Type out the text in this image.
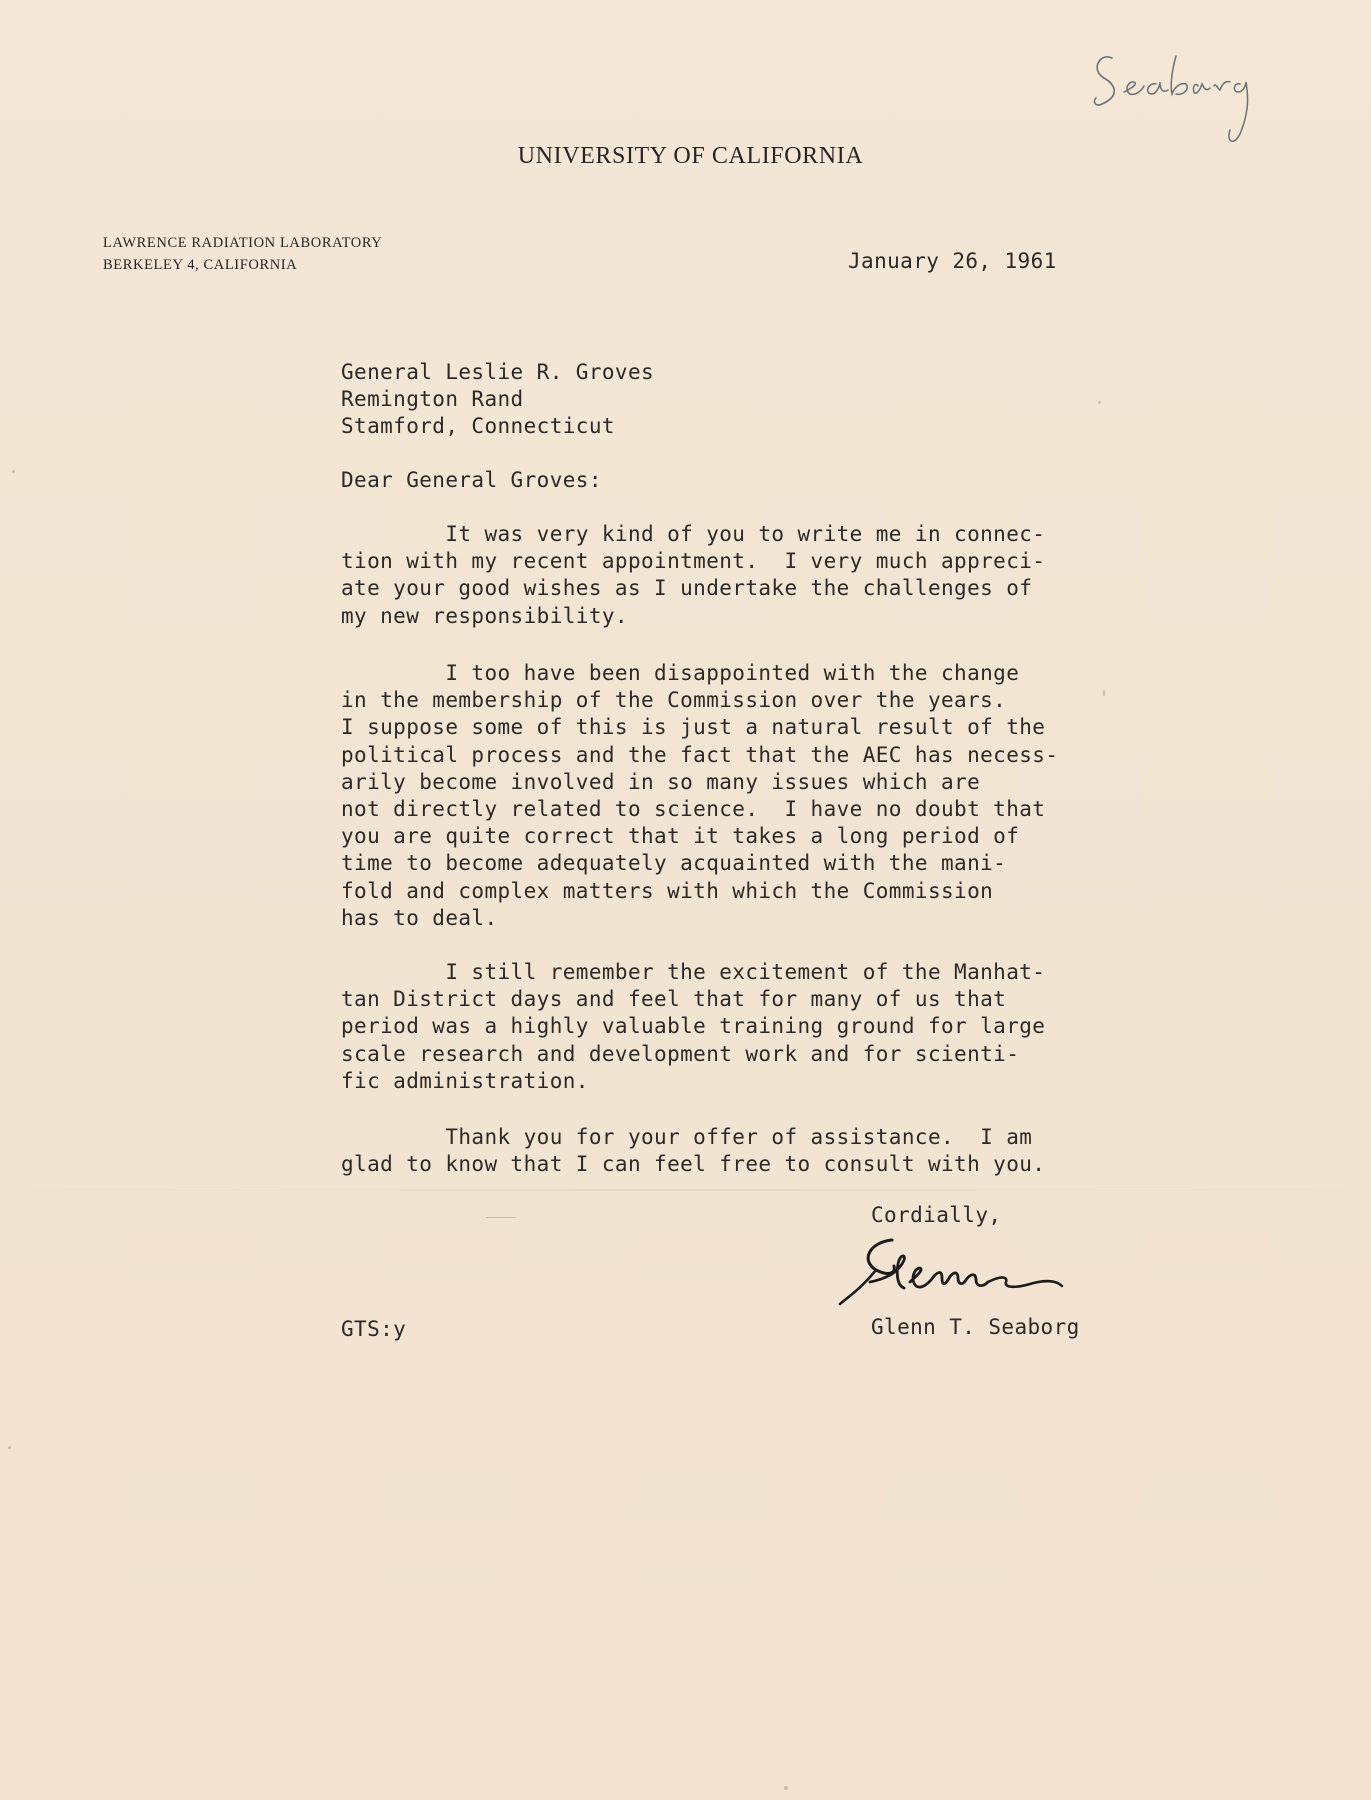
UNIVERSITY OF CALIFORNIA
LAWRENCE RADIATION LABORATORY
BERKELEY 4, CALIFORNIA	January 26, 1961
General Leslie R. Groves
Remington Rand
Stamford, Connecticut
Dear General Groves:
It was very kind of you to write me in connec-
tion with my recent appointment.  I very much appreci-
ate your good wishes as I undertake the challenges of
my new responsibility.
I too have been disappointed with the change
in the membership of the Commission over the years.
I suppose some of this is just a natural result of the
political process and the fact that the AEC has necess-
arily become involved in so many issues which are
not directly related to science.  I have no doubt that
you are quite correct that it takes a long period of
time to become adequately acquainted with the mani-
fold and complex matters with which the Commission
has to deal.
I still remember the excitement of the Manhat-
tan District days and feel that for many of us that
period was a highly valuable training ground for large
scale research and development work and for scienti-
fic administration.
Thank you for your offer of assistance.  I am
glad to know that I can feel free to consult with you.
Cordially,
Glenn T. Seaborg
GTS:y
